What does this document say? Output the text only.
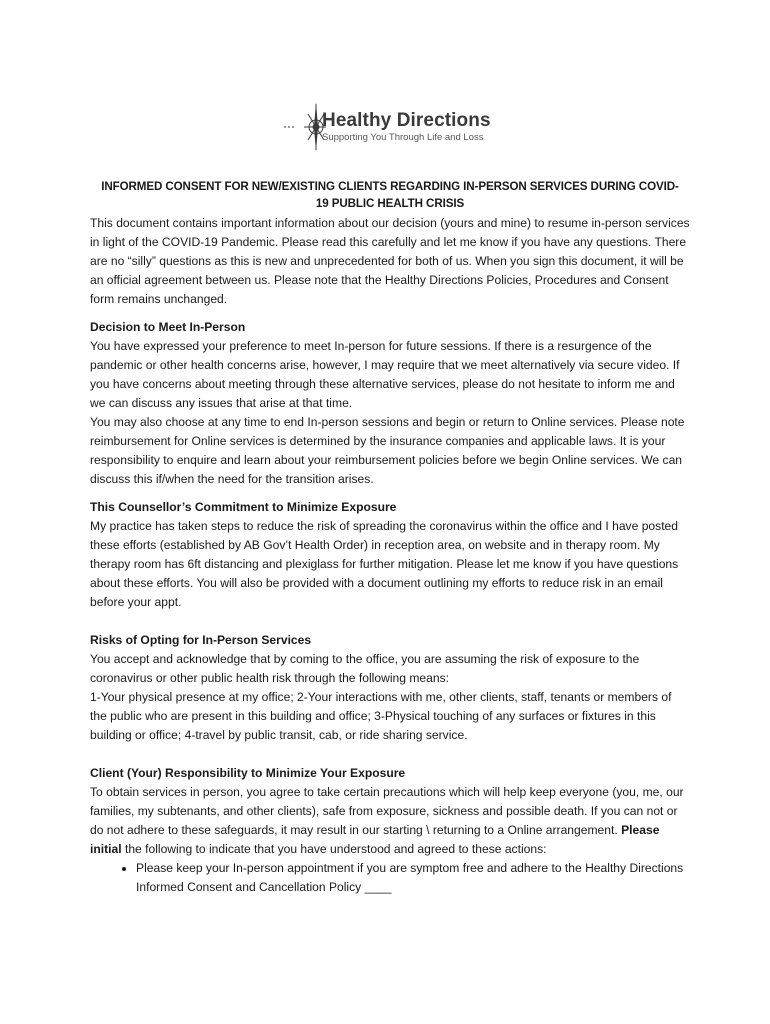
Healthy Directions
Supporting You Through Life and Loss
INFORMED CONSENT FOR NEW/EXISTING CLIENTS REGARDING IN-PERSON SERVICES DURING COVID-19 PUBLIC HEALTH CRISIS

This document contains important information about our decision (yours and mine) to resume in-person services in light of the COVID-19 Pandemic. Please read this carefully and let me know if you have any questions. There are no “silly” questions as this is new and unprecedented for both of us. When you sign this document, it will be an official agreement between us. Please note that the Healthy Directions Policies, Procedures and Consent form remains unchanged.

Decision to Meet In-Person

You have expressed your preference to meet In-person for future sessions. If there is a resurgence of the pandemic or other health concerns arise, however, I may require that we meet alternatively via secure video. If you have concerns about meeting through these alternative services, please do not hesitate to inform me and we can discuss any issues that arise at that time.

You may also choose at any time to end In-person sessions and begin or return to Online services. Please note reimbursement for Online services is determined by the insurance companies and applicable laws. It is your responsibility to enquire and learn about your reimbursement policies before we begin Online services. We can discuss this if/when the need for the transition arises.

This Counsellor’s Commitment to Minimize Exposure

My practice has taken steps to reduce the risk of spreading the coronavirus within the office and I have posted these efforts (established by AB Gov’t Health Order) in reception area, on website and in therapy room. My therapy room has 6ft distancing and plexiglass for further mitigation. Please let me know if you have questions about these efforts. You will also be provided with a document outlining my efforts to reduce risk in an email before your appt.

Risks of Opting for In-Person Services

You accept and acknowledge that by coming to the office, you are assuming the risk of exposure to the coronavirus or other public health risk through the following means:

1-Your physical presence at my office; 2-Your interactions with me, other clients, staff, tenants or members of the public who are present in this building and office; 3-Physical touching of any surfaces or fixtures in this building or office; 4-travel by public transit, cab, or ride sharing service.

Client (Your) Responsibility to Minimize Your Exposure

To obtain services in person, you agree to take certain precautions which will help keep everyone (you, me, our families, my subtenants, and other clients), safe from exposure, sickness and possible death. If you can not or do not adhere to these safeguards, it may result in our starting \ returning to a Online arrangement. Please initial the following to indicate that you have understood and agreed to these actions:

• Please keep your In-person appointment if you are symptom free and adhere to the Healthy Directions Informed Consent and Cancellation Policy ____
